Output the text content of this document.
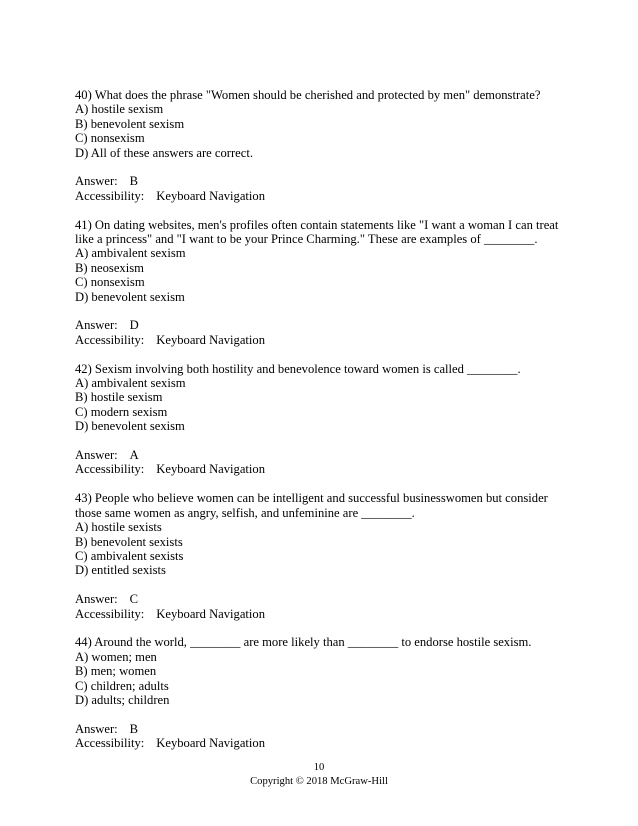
40) What does the phrase "Women should be cherished and protected by men" demonstrate?
A) hostile sexism
B) benevolent sexism
C) nonsexism
D) All of these answers are correct.
Answer: B
Accessibility: Keyboard Navigation
41) On dating websites, men's profiles often contain statements like "I want a woman I can treat
like a princess" and "I want to be your Prince Charming." These are examples of ________.
A) ambivalent sexism
B) neosexism
C) nonsexism
D) benevolent sexism
Answer: D
Accessibility: Keyboard Navigation
42) Sexism involving both hostility and benevolence toward women is called ________.
A) ambivalent sexism
B) hostile sexism
C) modern sexism
D) benevolent sexism
Answer: A
Accessibility: Keyboard Navigation
43) People who believe women can be intelligent and successful businesswomen but consider
those same women as angry, selfish, and unfeminine are ________.
A) hostile sexists
B) benevolent sexists
C) ambivalent sexists
D) entitled sexists
Answer: C
Accessibility: Keyboard Navigation
44) Around the world, ________ are more likely than ________ to endorse hostile sexism.
A) women; men
B) men; women
C) children; adults
D) adults; children
Answer: B
Accessibility: Keyboard Navigation
10
Copyright © 2018 McGraw-Hill
